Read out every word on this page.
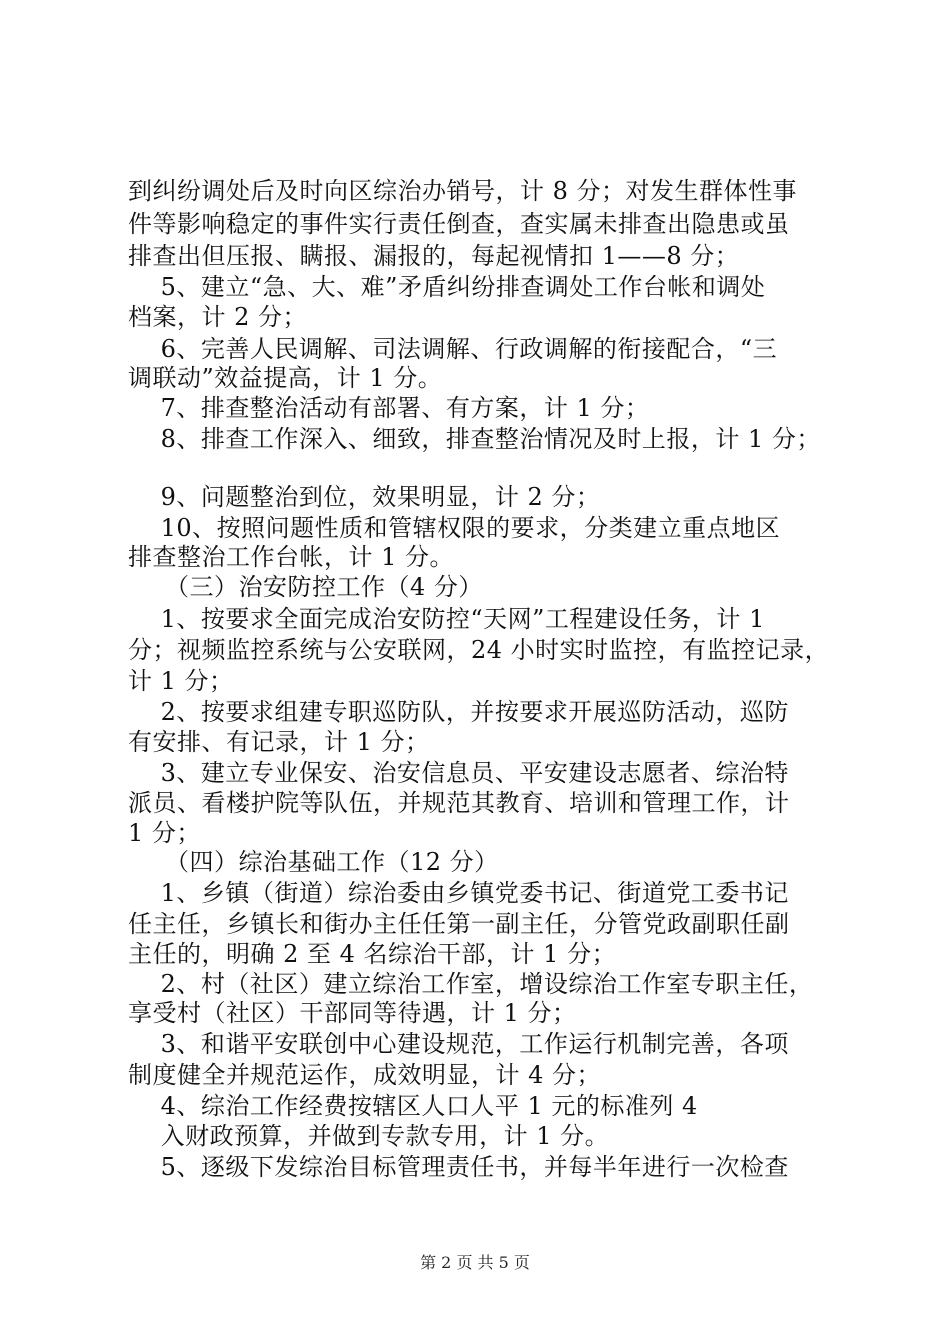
到纠纷调处后及时向区综治办销号，计 8 分；对发生群体性事
件等影响稳定的事件实行责任倒查，查实属未排查出隐患或虽
排查出但压报、瞒报、漏报的，每起视情扣 1——8 分；
　 5、建立“急、大、难”矛盾纠纷排查调处工作台帐和调处
档案，计 2 分；
　 6、完善人民调解、司法调解、行政调解的衔接配合，“三
调联动”效益提高，计 1 分。
　 7、排查整治活动有部署、有方案，计 1 分；
　 8、排查工作深入、细致，排查整治情况及时上报，计 1 分；
　 9、问题整治到位，效果明显，计 2 分；
　 10、按照问题性质和管辖权限的要求，分类建立重点地区
排查整治工作台帐，计 1 分。
　　（三）治安防控工作（4 分）
　 1、按要求全面完成治安防控“天网”工程建设任务，计 1
分；视频监控系统与公安联网，24 小时实时监控，有监控记录，
计 1 分；
　 2、按要求组建专职巡防队，并按要求开展巡防活动，巡防
有安排、有记录，计 1 分；
　 3、建立专业保安、治安信息员、平安建设志愿者、综治特
派员、看楼护院等队伍，并规范其教育、培训和管理工作，计
1 分；
　　（四）综治基础工作（12 分）
　 1、乡镇（街道）综治委由乡镇党委书记、街道党工委书记
任主任，乡镇长和街办主任任第一副主任，分管党政副职任副
主任的，明确 2 至 4 名综治干部，计 1 分；
　 2、村（社区）建立综治工作室，增设综治工作室专职主任，
享受村（社区）干部同等待遇，计 1 分；
　 3、和谐平安联创中心建设规范，工作运行机制完善，各项
制度健全并规范运作，成效明显，计 4 分；
　 4、综治工作经费按辖区人口人平 1 元的标准列 4
　 入财政预算，并做到专款专用，计 1 分。
　 5、逐级下发综治目标管理责任书，并每半年进行一次检查
第 2 页 共 5 页
